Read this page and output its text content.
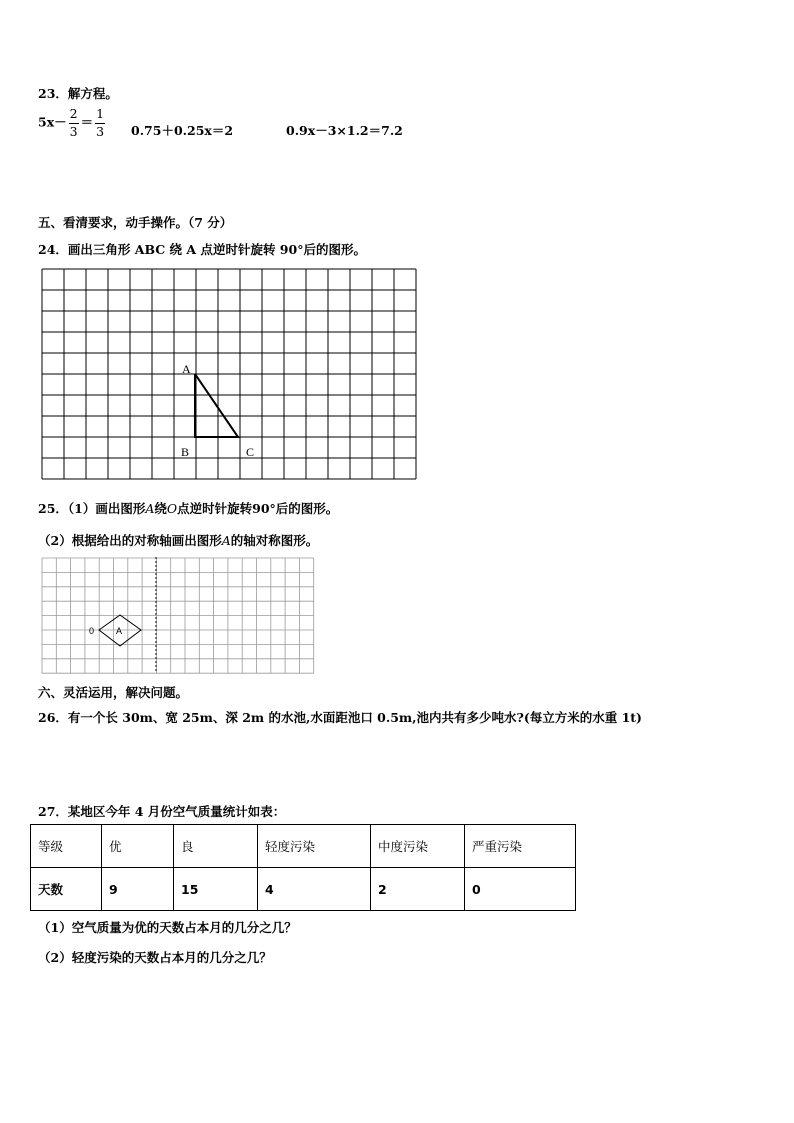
23．解方程。
$5x- \frac{2}{3} = \frac{1}{3} 0.75+0.25x=2$	0.9x－3×1.2＝7.2
五、看清要求，动手操作。（7 分）
24．画出三角形 ABC 绕 A 点逆时针旋转 90°后的图形。
A
B	C
25．（1）画出图形A绕O点逆时针旋转90°后的图形。
（2）根据给出的对称轴画出图形A的轴对称图形。
0 A
六、灵活运用，解决问题。
26．有一个长 30m、宽 25m、深 2m 的水池,水面距池口 0.5m,池内共有多少吨水?(每立方米的水重 1t)
27．某地区今年 4 月份空气质量统计如表：
等级	优	良	轻度污染	中度污染	严重污染
天数	9	15	4	2	0
（1）空气质量为优的天数占本月的几分之几？
（2）轻度污染的天数占本月的几分之几？
